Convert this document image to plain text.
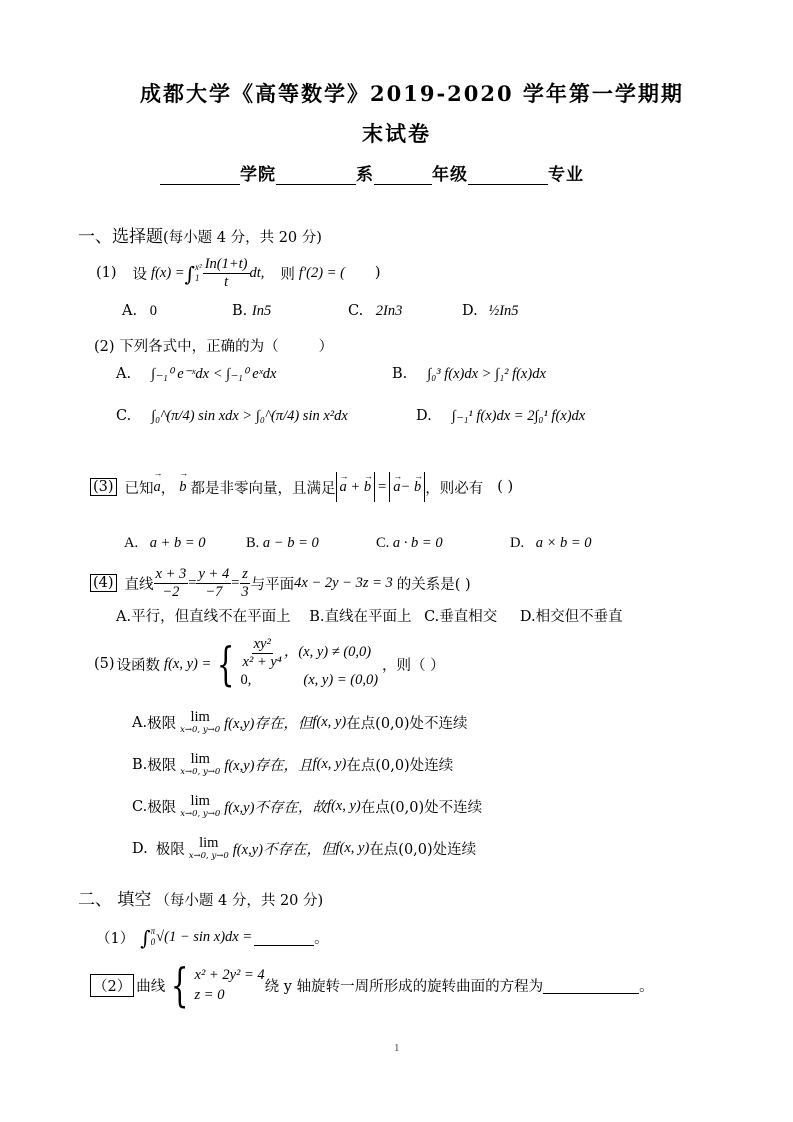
成都大学《高等数学》2019-2020 学年第一学期期
末试卷
学院	系	年级	专业
一、选择题(每小题 4 分，共 20 分)
(1) 设 f(x) = ∫ x²
$1 \frac{In(1+t)}{t}$ dt, 则 f′(2) = ( )
A. 0	B. In5	C. 2In3	D. ½In5
(2) 下列各式中，正确的为（	）
A. ∫₋₁⁰ e⁻ˣdx < ∫₋₁⁰ eˣdx	B. ∫₀³ f(x)dx > ∫₁² f(x)dx
C. ∫₀^(π/4) sin xdx > ∫₀^(π/4) sin x²dx	D. ∫₋₁¹ f(x)dx = 2∫₀¹ f(x)dx
(3) 已知 → a ， → b 都是非零向量，且满足 → a + → b = → a− → b ，则必有 ( )
A. a + b = 0	B. a − b = 0	C. a · b = 0	D. a × b = 0
(4) 直线 $\frac{x + 3}{-2} = \frac{y + 4}{-7} = \frac{z}{3}$ 与平面 4x − 2y − 3z = 3 的关系是( )
A.平行，但直线不在平面上 B.直线在平面上 C.垂直相交 D.相交但不垂直
(5) 设函数 f(x, y) = { $\frac{\text{xy²}}{\text{x² + y⁴}}$ ，(x, y) ≠ (0,0)
0,	(x, y) = (0,0)
，则（ ）
A. 极限 lim
x→0, y→0 f(x,y)存在，但 f(x, y) 在点(0,0)处不连续
B. 极限 lim
x→0, y→0 f(x,y)存在，且 f(x, y) 在点(0,0)处连续
C. 极限 lim
x→0, y→0 f(x,y)不存在，故 f(x, y) 在点(0,0)处不连续
D. 极限 lim
x→0, y→0 f(x,y)不存在，但 f(x, y) 在点(0,0)处连续
二、 填空 （每小题 4 分，共 20 分)
（1） ∫ π
0 √(1 − sin x)dx =	。
（2） 曲线 { x² + 2y² = 4
z = 0
绕 y 轴旋转一周所形成的旋转曲面的方程为	。
1
